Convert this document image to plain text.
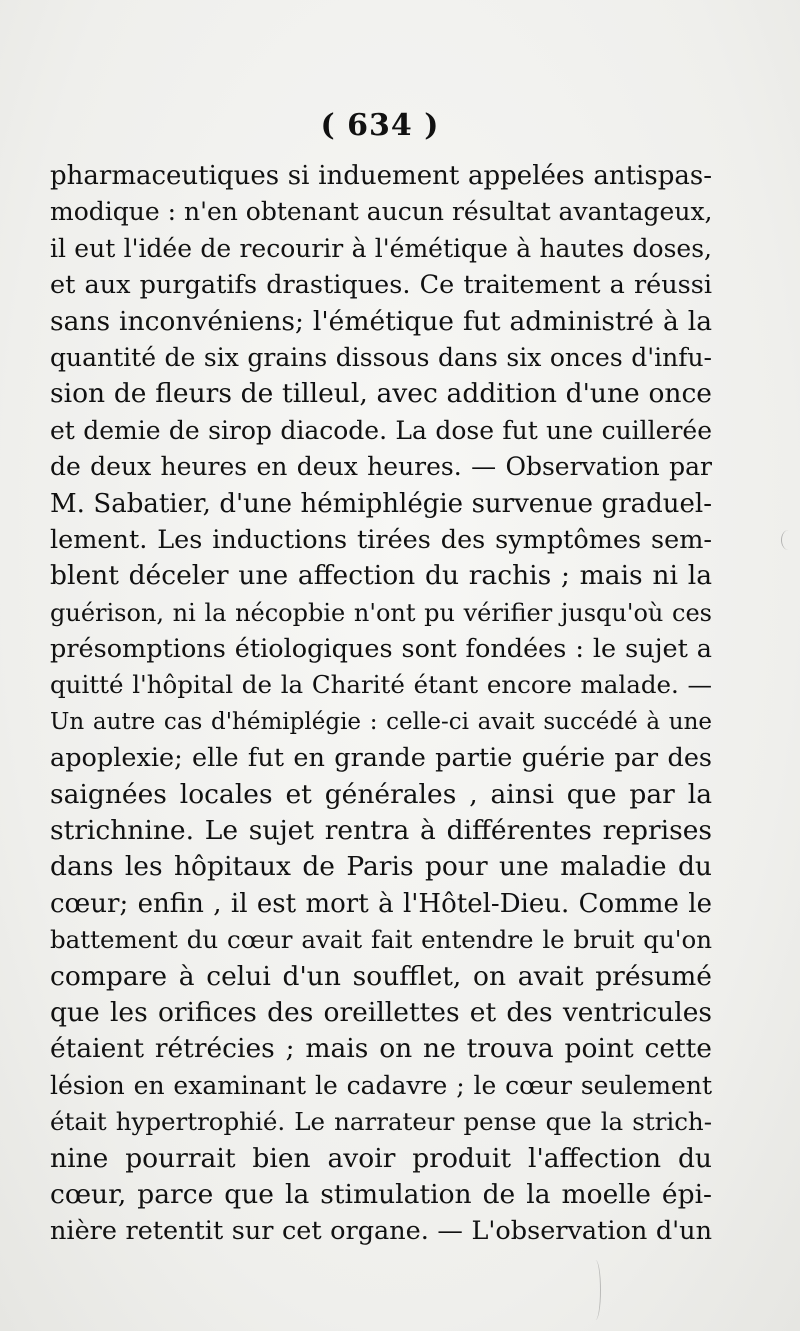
( 634 )
pharmaceutiques si induement appelées antispas-
modique : n'en obtenant aucun résultat avantageux,
il eut l'idée de recourir à l'émétique à hautes doses,
et aux purgatifs drastiques. Ce traitement a réussi
sans inconvéniens; l'émétique fut administré à la
quantité de six grains dissous dans six onces d'infu-
sion de fleurs de tilleul, avec addition d'une once
et demie de sirop diacode. La dose fut une cuillerée
de deux heures en deux heures. — Observation par
M. Sabatier, d'une hémiphlégie survenue graduel-
lement. Les inductions tirées des symptômes sem-
blent déceler une affection du rachis ; mais ni la
guérison, ni la nécopbie n'ont pu vérifier jusqu'où ces
présomptions étiologiques sont fondées : le sujet a
quitté l'hôpital de la Charité étant encore malade. —
Un autre cas d'hémiplégie : celle-ci avait succédé à une
apoplexie; elle fut en grande partie guérie par des
saignées locales et générales , ainsi que par la
strichnine. Le sujet rentra à différentes reprises
dans les hôpitaux de Paris pour une maladie du
cœur; enfin , il est mort à l'Hôtel-Dieu. Comme le
battement du cœur avait fait entendre le bruit qu'on
compare à celui d'un soufflet, on avait présumé
que les orifices des oreillettes et des ventricules
étaient rétrécies ; mais on ne trouva point cette
lésion en examinant le cadavre ; le cœur seulement
était hypertrophié. Le narrateur pense que la strich-
nine pourrait bien avoir produit l'affection du
cœur, parce que la stimulation de la moelle épi-
nière retentit sur cet organe. — L'observation d'un
